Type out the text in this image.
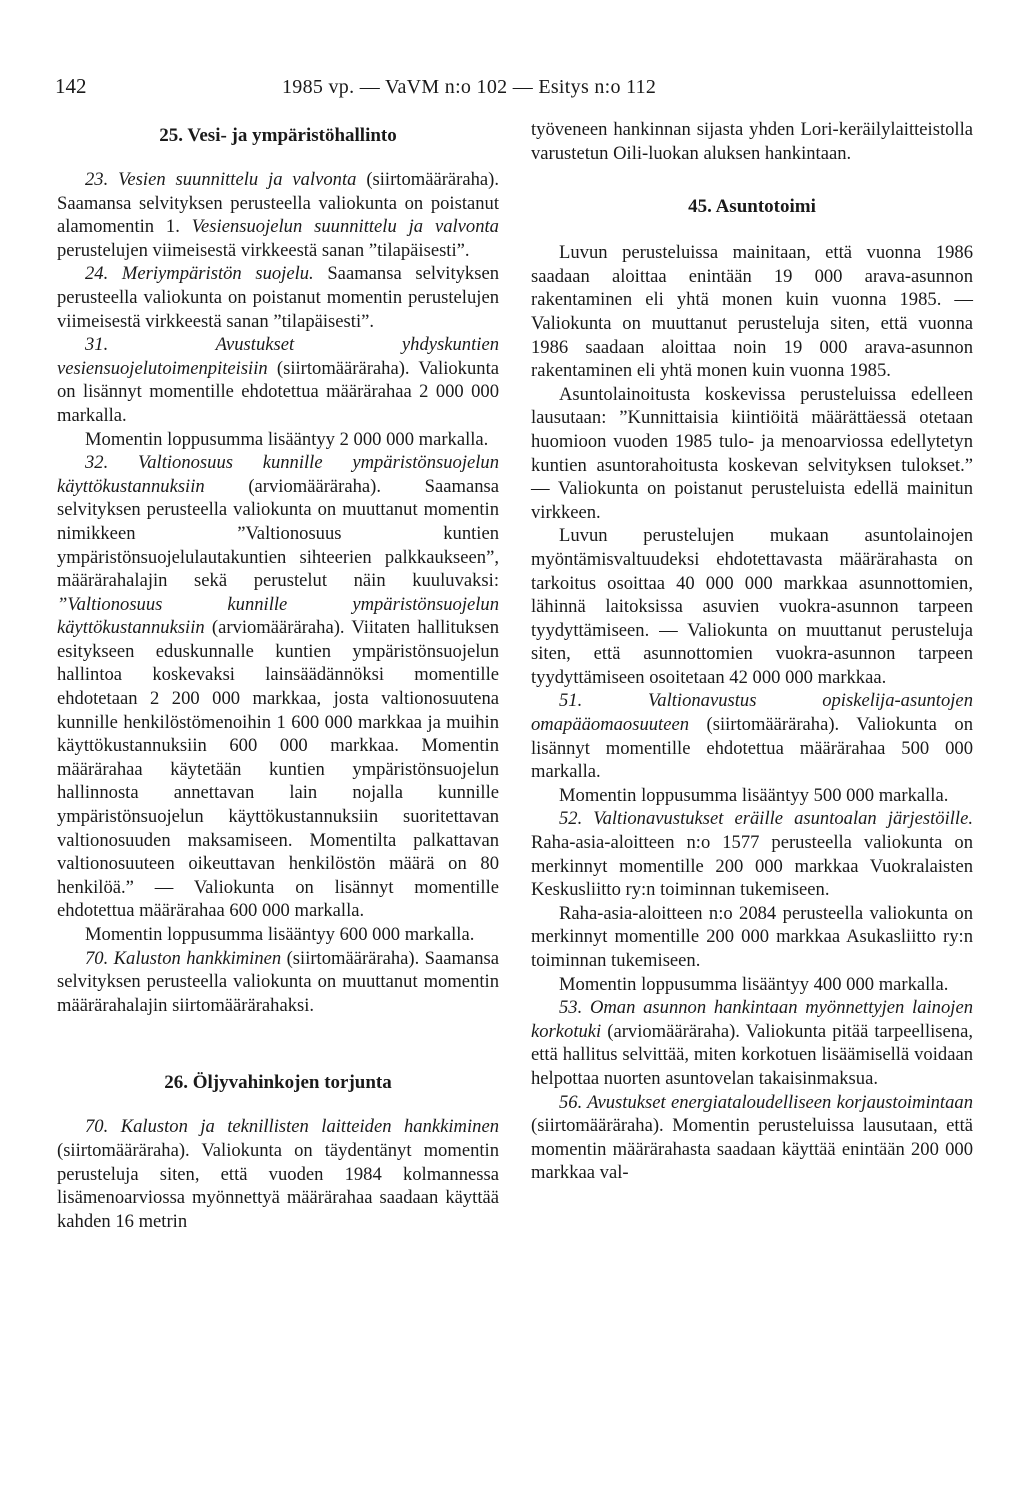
142	1985 vp. — VaVM n:o 102 — Esitys n:o 112
25. Vesi- ja ympäristöhallinto

23. Vesien suunnittelu ja valvonta (siirtomääräraha). Saamansa selvityksen perusteella valiokunta on poistanut alamomentin 1. Vesiensuojelun suunnittelu ja valvonta perustelujen viimeisestä virkkeestä sanan ”tilapäisesti”.

24. Meriympäristön suojelu. Saamansa selvityksen perusteella valiokunta on poistanut momentin perustelujen viimeisestä virkkeestä sanan ”tilapäisesti”.

31. Avustukset yhdyskuntien vesiensuojelutoimenpiteisiin (siirtomääräraha). Valiokunta on lisännyt momentille ehdotettua määrärahaa 2 000 000 markalla.

Momentin loppusumma lisääntyy 2 000 000 markalla.

32. Valtionosuus kunnille ympäristönsuojelun käyttökustannuksiin (arviomääräraha). Saamansa selvityksen perusteella valiokunta on muuttanut momentin nimikkeen ”Valtionosuus kuntien ympäristönsuojelulautakuntien sihteerien palkkaukseen”, määrärahalajin sekä perustelut näin kuuluvaksi: ”Valtionosuus kunnille ympäristönsuojelun käyttökustannuksiin (arviomääräraha). Viitaten hallituksen esitykseen eduskunnalle kuntien ympäristönsuojelun hallintoa koskevaksi lainsäädännöksi momentille ehdotetaan 2 200 000 markkaa, josta valtionosuutena kunnille henkilöstömenoihin 1 600 000 markkaa ja muihin käyttökustannuksiin 600 000 markkaa. Momentin määrärahaa käytetään kuntien ympäristönsuojelun hallinnosta annettavan lain nojalla kunnille ympäristönsuojelun käyttökustannuksiin suoritettavan valtionosuuden maksamiseen. Momentilta palkattavan valtionosuuteen oikeuttavan henkilöstön määrä on 80 henkilöä.” — Valiokunta on lisännyt momentille ehdotettua määrärahaa 600 000 markalla.

Momentin loppusumma lisääntyy 600 000 markalla.

70. Kaluston hankkiminen (siirtomääräraha). Saamansa selvityksen perusteella valiokunta on muuttanut momentin määrärahalajin siirtomäärärahaksi.

26. Öljyvahinkojen torjunta

70. Kaluston ja teknillisten laitteiden hankkiminen (siirtomääräraha). Valiokunta on täydentänyt momentin perusteluja siten, että vuoden 1984 kolmannessa lisämenoarviossa myönnettyä määrärahaa saadaan käyttää kahden 16 metrin

työveneen hankinnan sijasta yhden Lori-keräilylaitteistolla varustetun Oili-luokan aluksen hankintaan.

45. Asuntotoimi

Luvun perusteluissa mainitaan, että vuonna 1986 saadaan aloittaa enintään 19 000 arava-asunnon rakentaminen eli yhtä monen kuin vuonna 1985. — Valiokunta on muuttanut perusteluja siten, että vuonna 1986 saadaan aloittaa noin 19 000 arava-asunnon rakentaminen eli yhtä monen kuin vuonna 1985.

Asuntolainoitusta koskevissa perusteluissa edelleen lausutaan: ”Kunnittaisia kiintiöitä määrättäessä otetaan huomioon vuoden 1985 tulo- ja menoarviossa edellytetyn kuntien asuntorahoitusta koskevan selvityksen tulokset.” — Valiokunta on poistanut perusteluista edellä mainitun virkkeen.

Luvun perustelujen mukaan asuntolainojen myöntämisvaltuudeksi ehdotettavasta määrärahasta on tarkoitus osoittaa 40 000 000 markkaa asunnottomien, lähinnä laitoksissa asuvien vuokra-asunnon tarpeen tyydyttämiseen. — Valiokunta on muuttanut perusteluja siten, että asunnottomien vuokra-asunnon tarpeen tyydyttämiseen osoitetaan 42 000 000 markkaa.

51. Valtionavustus opiskelija-asuntojen omapääomaosuuteen (siirtomääräraha). Valiokunta on lisännyt momentille ehdotettua määrärahaa 500 000 markalla.

Momentin loppusumma lisääntyy 500 000 markalla.

52. Valtionavustukset eräille asuntoalan järjestöille. Raha-asia-aloitteen n:o 1577 perusteella valiokunta on merkinnyt momentille 200 000 markkaa Vuokralaisten Keskusliitto ry:n toiminnan tukemiseen.

Raha-asia-aloitteen n:o 2084 perusteella valiokunta on merkinnyt momentille 200 000 markkaa Asukasliitto ry:n toiminnan tukemiseen.

Momentin loppusumma lisääntyy 400 000 markalla.

53. Oman asunnon hankintaan myönnettyjen lainojen korkotuki (arviomääräraha). Valiokunta pitää tarpeellisena, että hallitus selvittää, miten korkotuen lisäämisellä voidaan helpottaa nuorten asuntovelan takaisinmaksua.

56. Avustukset energiataloudelliseen korjaustoimintaan (siirtomääräraha). Momentin perusteluissa lausutaan, että momentin määrärahasta saadaan käyttää enintään 200 000 markkaa val-
